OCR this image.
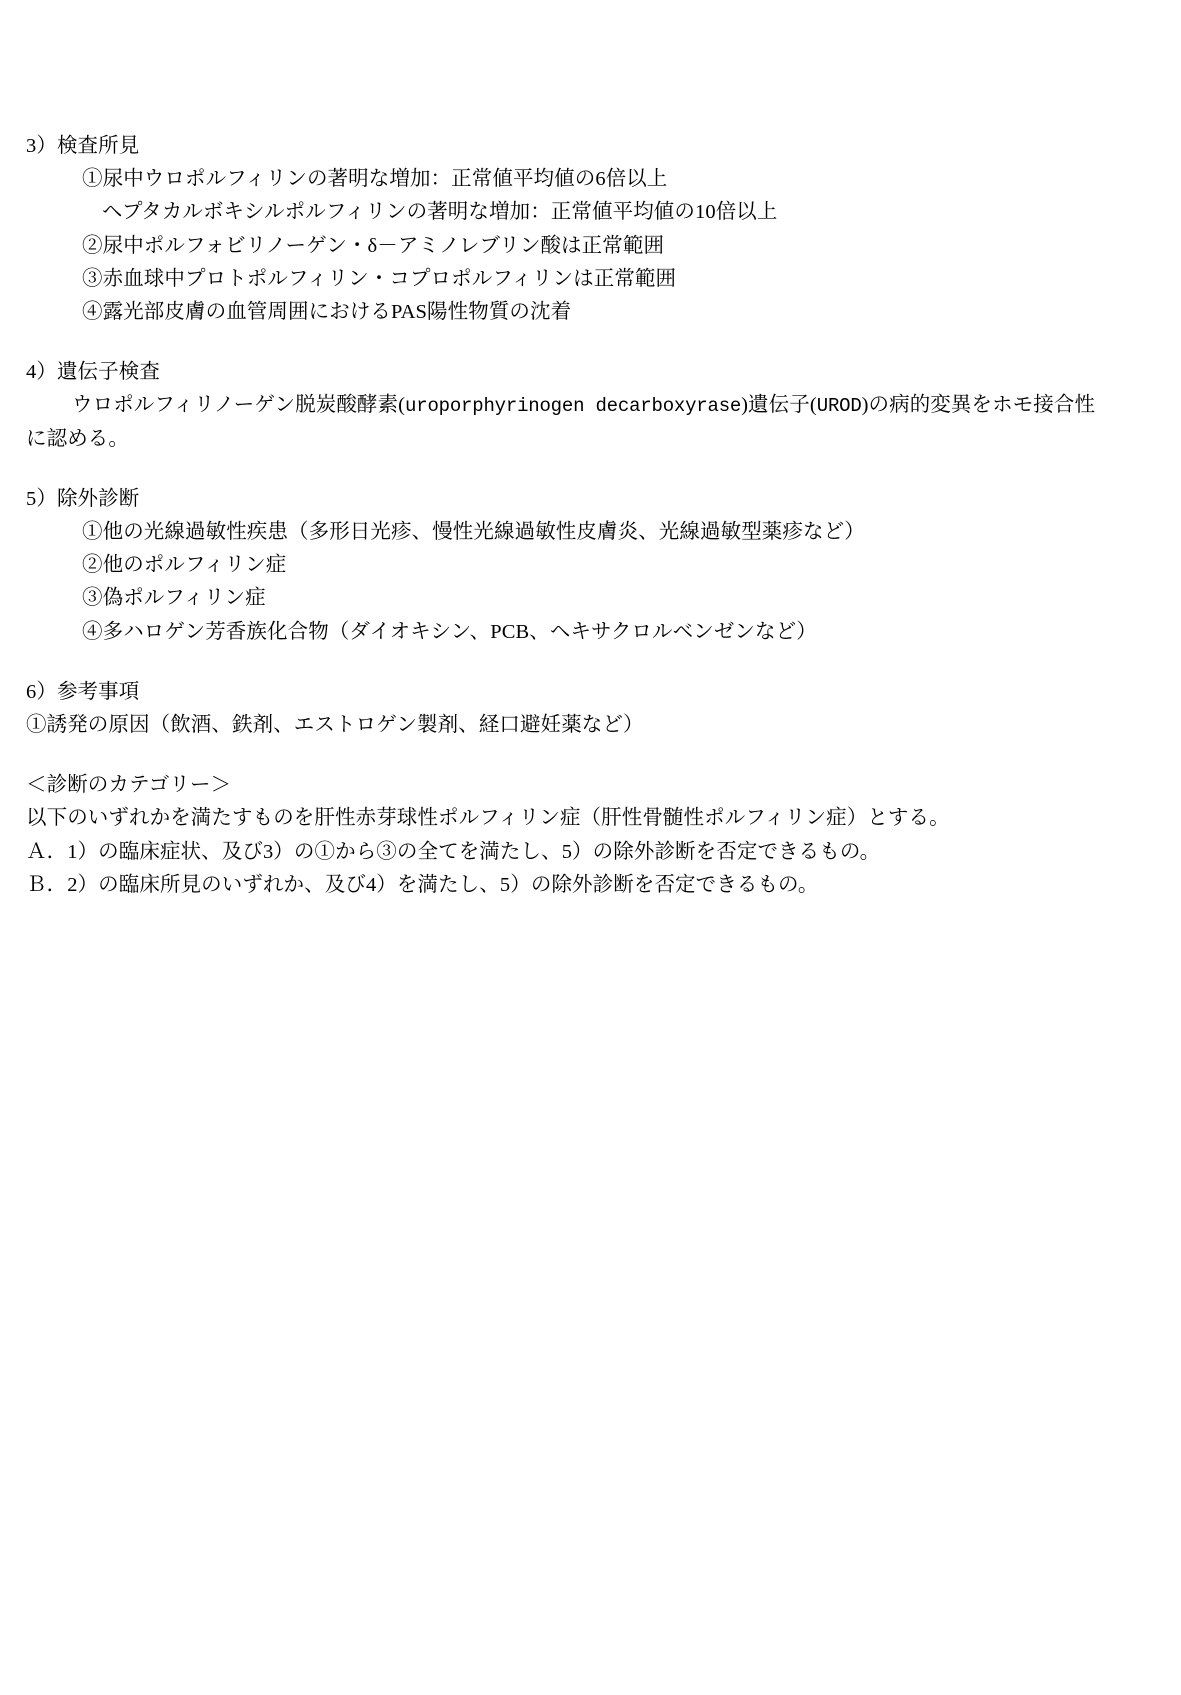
3）検査所見

①尿中ウロポルフィリンの著明な増加：正常値平均値の6倍以上

ヘプタカルボキシルポルフィリンの著明な増加：正常値平均値の10倍以上

②尿中ポルフォビリノーゲン・δ－アミノレブリン酸は正常範囲

③赤血球中プロトポルフィリン・コプロポルフィリンは正常範囲

④露光部皮膚の血管周囲におけるPAS陽性物質の沈着

4）遺伝子検査

ウロポルフィリノーゲン脱炭酸酵素(uroporphyrinogen decarboxyrase)遺伝子(UROD)の病的変異をホモ接合性

に認める。

5）除外診断

①他の光線過敏性疾患（多形日光疹、慢性光線過敏性皮膚炎、光線過敏型薬疹など）

②他のポルフィリン症

③偽ポルフィリン症

④多ハロゲン芳香族化合物（ダイオキシン、PCB、ヘキサクロルベンゼンなど）

6）参考事項

①誘発の原因（飲酒、鉄剤、エストロゲン製剤、経口避妊薬など）

＜診断のカテゴリー＞

以下のいずれかを満たすものを肝性赤芽球性ポルフィリン症（肝性骨髄性ポルフィリン症）とする。

Ａ．1）の臨床症状、及び3）の①から③の全てを満たし、5）の除外診断を否定できるもの。

Ｂ．2）の臨床所見のいずれか、及び4）を満たし、5）の除外診断を否定できるもの。
